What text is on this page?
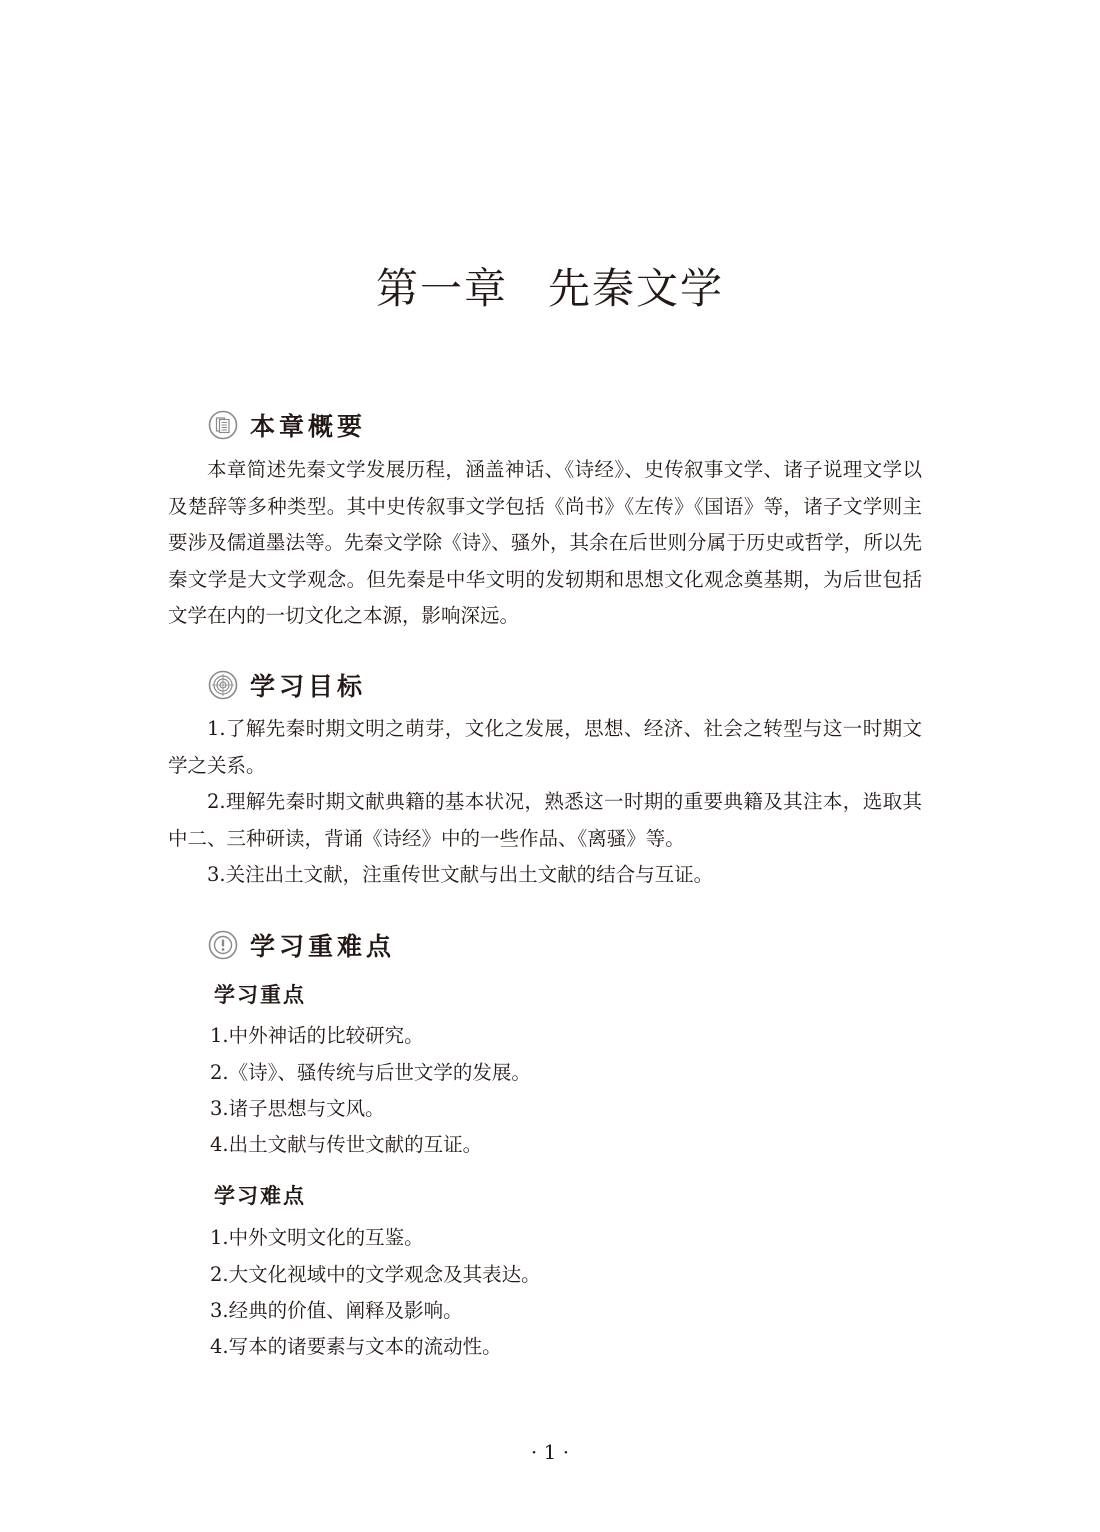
第一章 先秦文学
本章概要

本章简述先秦文学发展历程，涵盖神话、《诗经》、史传叙事文学、诸子说理文学以及楚辞等多种类型。其中史传叙事文学包括《尚书》《左传》《国语》等，诸子文学则主要涉及儒道墨法等。先秦文学除《诗》、骚外，其余在后世则分属于历史或哲学，所以先秦文学是大文学观念。但先秦是中华文明的发轫期和思想文化观念奠基期，为后世包括文学在内的一切文化之本源，影响深远。

学习目标

1.了解先秦时期文明之萌芽，文化之发展，思想、经济、社会之转型与这一时期文学之关系。

2.理解先秦时期文献典籍的基本状况，熟悉这一时期的重要典籍及其注本，选取其中二、三种研读，背诵《诗经》中的一些作品、《离骚》等。

3.关注出土文献，注重传世文献与出土文献的结合与互证。

学习重难点
学习重点
1.中外神话的比较研究。
2.《诗》、骚传统与后世文学的发展。
3.诸子思想与文风。
4.出土文献与传世文献的互证。
学习难点
1.中外文明文化的互鉴。
2.大文化视域中的文学观念及其表达。
3.经典的价值、阐释及影响。
4.写本的诸要素与文本的流动性。
· 1 ·
